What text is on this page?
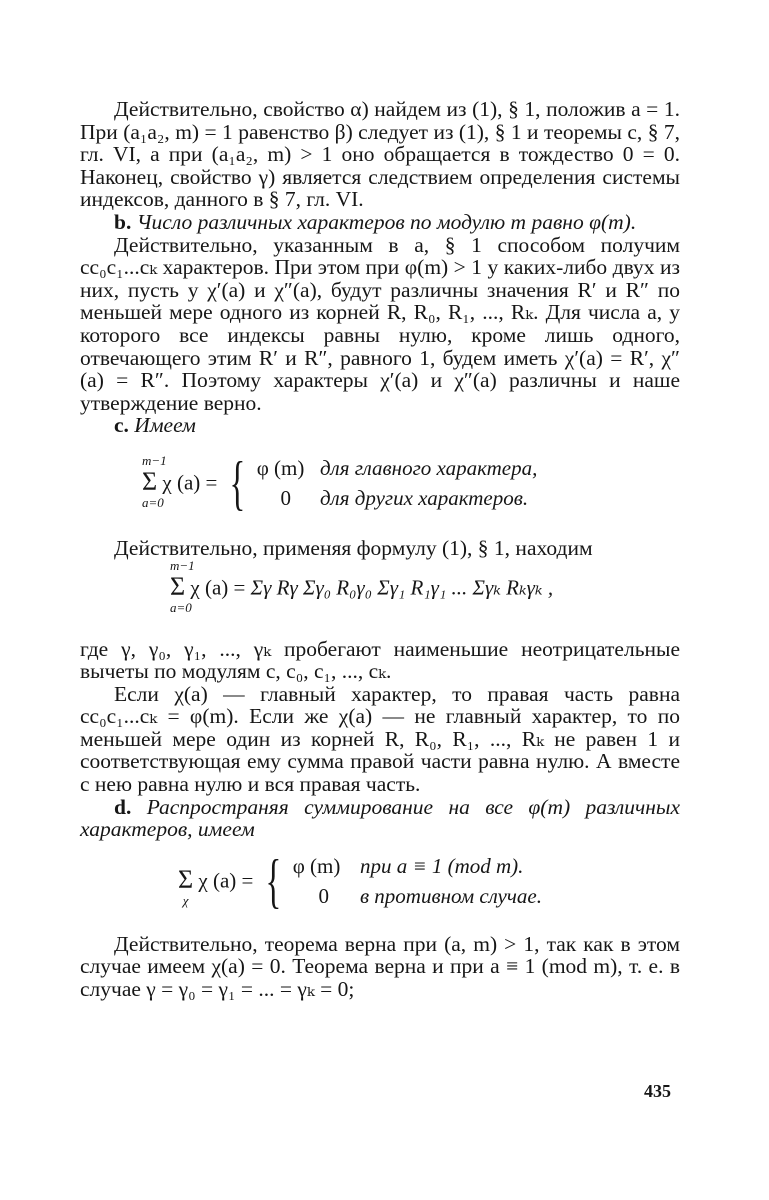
Действительно, свойство α) найдем из (1), § 1, положив a = 1. При (a₁a₂, m) = 1 равенство β) следует из (1), § 1 и теоремы c, § 7, гл. VI, а при (a₁a₂, m) > 1 оно обращается в тождество 0 = 0. Наконец, свойство γ) является следствием определения системы индексов, данного в § 7, гл. VI.

b. Число различных характеров по модулю m равно φ(m).

Действительно, указанным в a, § 1 способом получим cc₀c₁...cₖ характеров. При этом при φ(m) > 1 у каких-либо двух из них, пусть у χ′(a) и χ″(a), будут различны значения R′ и R″ по меньшей мере одного из корней R, R₀, R₁, ..., Rₖ. Для числа a, у которого все индексы равны нулю, кроме лишь одного, отвечающего этим R′ и R″, равного 1, будем иметь χ′(a) = R′, χ″(a) = R″. Поэтому характеры χ′(a) и χ″(a) различны и наше утверждение верно.

c. Имеем

m−1
Σ
a=0
χ (a) = { φ (m) для главного характера,
0 для других характеров.

Действительно, применяя формулу (1), § 1, находим

m−1
Σ
a=0
χ (a) = Σγ Rγ Σγ₀ R₀γ₀ Σγ₁ R₁γ₁ ... Σγₖ Rₖγₖ ,

где γ, γ₀, γ₁, ..., γₖ пробегают наименьшие неотрицательные вычеты по модулям c, c₀, c₁, ..., cₖ.

Если χ(a) — главный характер, то правая часть равна cc₀c₁...cₖ = φ(m). Если же χ(a) — не главный характер, то по меньшей мере один из корней R, R₀, R₁, ..., Rₖ не равен 1 и соответствующая ему сумма правой части равна нулю. А вместе с нею равна нулю и вся правая часть.

d. Распространяя суммирование на все φ(m) различных характеров, имеем

Σ
χ
χ (a) = { φ (m) при a ≡ 1 (mod m).
0 в противном случае.

Действительно, теорема верна при (a, m) > 1, так как в этом случае имеем χ(a) = 0. Теорема верна и при a ≡ 1 (mod m), т. е. в случае γ = γ₀ = γ₁ = ... = γₖ = 0;

435
